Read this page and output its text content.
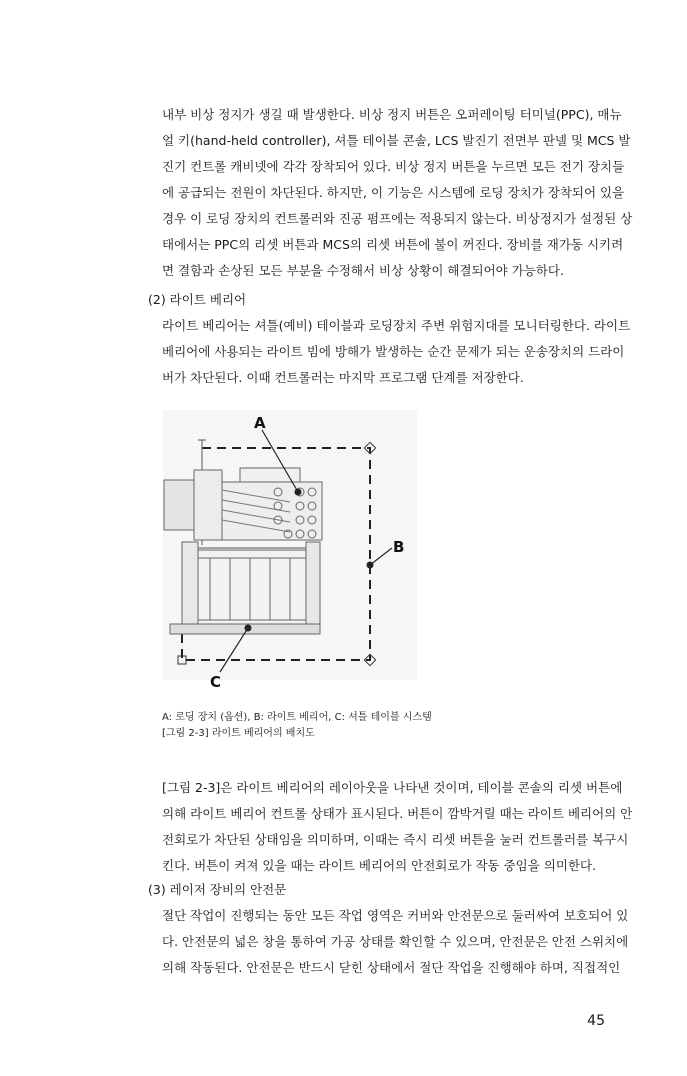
내부 비상 정지가 생길 때 발생한다. 비상 정지 버튼은 오퍼레이팅 터미널(PPC), 매뉴
얼 키(hand-held controller), 셔틀 테이블 콘솔, LCS 발진기 전면부 판넬 및 MCS 발
진기 컨트롤 캐비넷에 각각 장착되어 있다. 비상 정지 버튼을 누르면 모든 전기 장치들
에 공급되는 전원이 차단된다. 하지만, 이 기능은 시스템에 로딩 장치가 장착되어 있을
경우 이 로딩 장치의 컨트롤러와 진공 펌프에는 적용되지 않는다. 비상정지가 설정된 상
태에서는 PPC의 리셋 버튼과 MCS의 리셋 버튼에 불이 꺼진다. 장비를 재가동 시키려
면 결함과 손상된 모든 부분을 수정해서 비상 상황이 해결되어야 가능하다.
(2) 라이트 베리어
라이트 베리어는 셔틀(예비) 테이블과 로딩장치 주변 위험지대를 모니터링한다. 라이트
베리어에 사용되는 라이트 빔에 방해가 발생하는 순간 문제가 되는 운송장치의 드라이
버가 차단된다. 이때 컨트롤러는 마지막 프로그램 단계를 저장한다.
A
B
C
A: 로딩 장치 (옵션), B: 라이트 베리어, C: 셔틀 테이블 시스템
[그림 2-3] 라이트 베리어의 배치도
[그림 2-3]은 라이트 베리어의 레이아웃을 나타낸 것이며, 테이블 콘솔의 리셋 버튼에
의해 라이트 베리어 컨트롤 상태가 표시된다. 버튼이 깜박거릴 때는 라이트 베리어의 안
전회로가 차단된 상태임을 의미하며, 이때는 즉시 리셋 버튼을 눌러 컨트롤러를 복구시
킨다. 버튼이 켜져 있을 때는 라이트 베리어의 안전회로가 작동 중임을 의미한다.
(3) 레이저 장비의 안전문
절단 작업이 진행되는 동안 모든 작업 영역은 커버와 안전문으로 둘러싸여 보호되어 있
다. 안전문의 넓은 창을 통하여 가공 상태를 확인할 수 있으며, 안전문은 안전 스위치에
의해 작동된다. 안전문은 반드시 닫힌 상태에서 절단 작업을 진행해야 하며, 직접적인
45
